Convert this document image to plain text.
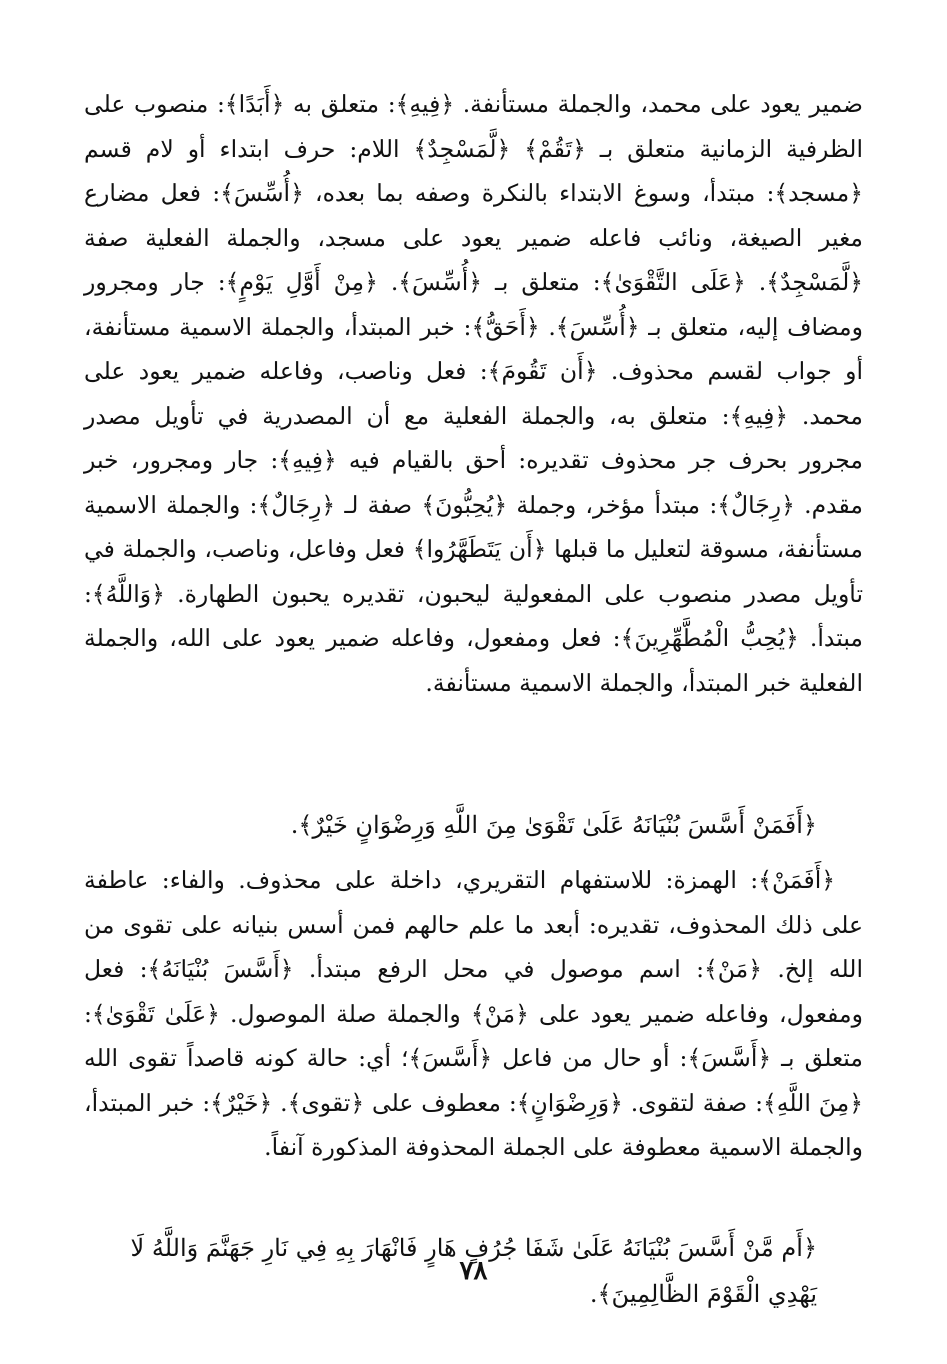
ضمير يعود على محمد، والجملة مستأنفة. ﴿فِيهِ﴾: متعلق به ﴿أَبَدًا﴾: منصوب على الظرفية الزمانية متعلق بـ ﴿تَقُمْ﴾ ﴿لَّمَسْجِدٌ﴾ اللام: حرف ابتداء أو لام قسم ﴿مسجد﴾: مبتدأ، وسوغ الابتداء بالنكرة وصفه بما بعده، ﴿أُسِّسَ﴾: فعل مضارع مغير الصيغة، ونائب فاعله ضمير يعود على مسجد، والجملة الفعلية صفة ﴿لَّمَسْجِدٌ﴾. ﴿عَلَى التَّقْوَىٰ﴾: متعلق بـ ﴿أُسِّسَ﴾. ﴿مِنْ أَوَّلِ يَوْمٍ﴾: جار ومجرور ومضاف إليه، متعلق بـ ﴿أُسِّسَ﴾. ﴿أَحَقُّ﴾: خبر المبتدأ، والجملة الاسمية مستأنفة، أو جواب لقسم محذوف. ﴿أَن تَقُومَ﴾: فعل وناصب، وفاعله ضمير يعود على محمد. ﴿فِيهِ﴾: متعلق به، والجملة الفعلية مع أن المصدرية في تأويل مصدر مجرور بحرف جر محذوف تقديره: أحق بالقيام فيه ﴿فِيهِ﴾: جار ومجرور، خبر مقدم. ﴿رِجَالٌ﴾: مبتدأ مؤخر، وجملة ﴿يُحِبُّونَ﴾ صفة لـ ﴿رِجَالٌ﴾: والجملة الاسمية مستأنفة، مسوقة لتعليل ما قبلها ﴿أَن يَتَطَهَّرُوا﴾ فعل وفاعل، وناصب، والجملة في تأويل مصدر منصوب على المفعولية ليحبون، تقديره يحبون الطهارة. ﴿وَاللَّهُ﴾: مبتدأ. ﴿يُحِبُّ الْمُطَّهِّرِينَ﴾: فعل ومفعول، وفاعله ضمير يعود على الله، والجملة الفعلية خبر المبتدأ، والجملة الاسمية مستأنفة.

﴿أَفَمَنْ أَسَّسَ بُنْيَانَهُ عَلَىٰ تَقْوَىٰ مِنَ اللَّهِ وَرِضْوَانٍ خَيْرٌ﴾.

﴿أَفَمَنْ﴾: الهمزة: للاستفهام التقريري، داخلة على محذوف. والفاء: عاطفة على ذلك المحذوف، تقديره: أبعد ما علم حالهم فمن أسس بنيانه على تقوى من الله إلخ. ﴿مَنْ﴾: اسم موصول في محل الرفع مبتدأ. ﴿أَسَّسَ بُنْيَانَهُ﴾: فعل ومفعول، وفاعله ضمير يعود على ﴿مَنْ﴾ والجملة صلة الموصول. ﴿عَلَىٰ تَقْوَىٰ﴾: متعلق بـ ﴿أَسَّسَ﴾: أو حال من فاعل ﴿أَسَّسَ﴾؛ أي: حالة كونه قاصداً تقوى الله ﴿مِنَ اللَّهِ﴾: صفة لتقوى. ﴿وَرِضْوَانٍ﴾: معطوف على ﴿تقوى﴾. ﴿خَيْرٌ﴾: خبر المبتدأ، والجملة الاسمية معطوفة على الجملة المحذوفة المذكورة آنفاً.

﴿أَم مَّنْ أَسَّسَ بُنْيَانَهُ عَلَىٰ شَفَا جُرُفٍ هَارٍ فَانْهَارَ بِهِ فِي نَارِ جَهَنَّمَ وَاللَّهُ لَا يَهْدِي الْقَوْمَ الظَّالِمِينَ﴾.

٧٨
